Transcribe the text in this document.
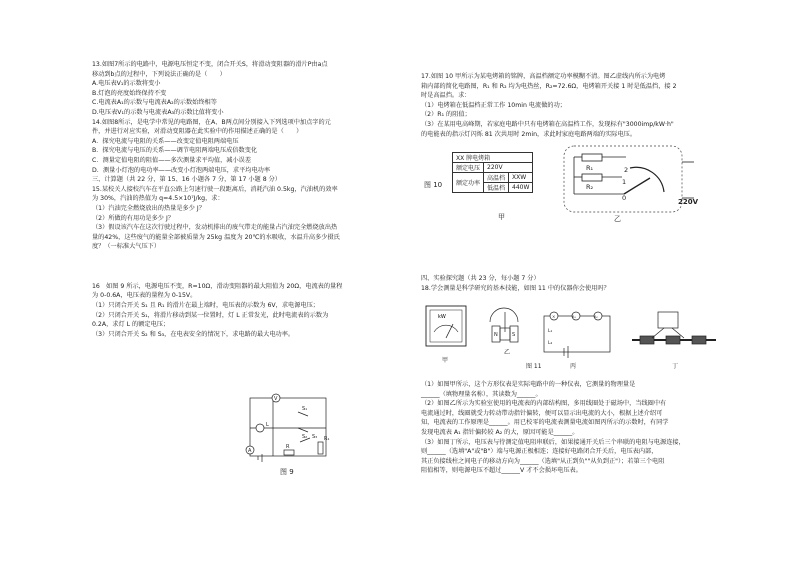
13.如图7所示的电路中，电源电压恒定不变，闭合开关S，将滑动变阻器的滑片P由a点

移动到b点的过程中，下列说法正确的是（　　）

A.电压表V₁的示数将变小

B.灯泡的亮度始终保持不变

C.电流表A₁的示数与电流表A₂的示数始终相等

D.电压表V₁的示数与电流表A₃的示数比值将变小

14.如图8所示，是电学中常见的电路图，在A、B两点间分别接入下列选项中加点字的元

件，并进行对应实验，对滑动变阻器在此实验中的作用描述正确的是（　　）

A．探究电流与电阻的关系——改变定值电阻两端电压

B．探究电流与电压的关系——调节电阻两端电压成倍数变化

C．测量定值电阻的阻值——多次测量求平均值，减小误差

D．测量小灯泡的电功率——改变小灯泡两端电压，求平均电功率

三、计算题（共 22 分，第 15、16 小题各 7 分，第 17 小题 8 分）

15.某校关人接校汽车在平直公路上匀速行驶一段距离后，消耗汽油 0.5kg，汽油机的效率

为 30%，汽油的热值为 q=4.5×10⁷J/kg，求：

（1）汽油完全燃烧放出的热量是多少 J？

（2）所做的有用功是多少 J？

（3）假设该汽车在这次行驶过程中，发动机排出的废气带走的能量占汽油完全燃烧放出热

量的42%，这些废气的能量全部被质量为 25kg 温度为 20℃的水吸收，水温升高多少摄氏

度？（一标准大气压下）

16　如图 9 所示，电源电压不变，R=10Ω，滑动变阻器的最大阻值为 20Ω，电流表的量程

为 0-0.6A，电压表的量程为 0-15V。

（1）只闭合开关 S₁ 且 R₁ 的滑片在最上端时，电压表的示数为 6V，求电源电压；

（2）只闭合开关 S₁，将滑片移动到某一位置时，灯 L 正常发光，此时电流表的示数为

0.2A，求灯 L 的额定电压；

（3）只闭合开关 S₂ 和 S₃，在电表安全的情况下，求电路的最大电功率。

V
A
S₁
S₂ S₃
R
R₁
L
图 9

17.如图 10 甲所示为某电烤箱的铭牌，高温档额定功率模糊不清。图乙虚线内所示为电烤

箱内部的简化电路图，R₁ 和 R₂ 均为电热丝，R₂=72.6Ω，电烤箱开关接 1 时是低温挡，接 2

时是高温挡。求：

（1）电烤箱在低温档正常工作 10min 电流做的功；

（2）R₁ 的阻值；

（3）在某用电高峰期，若家庭电路中只有电烤箱在高温档工作，发现标有"3000imp/kW·h"

的电能表的指示灯闪烁 81 次共用时 2min，求此时家庭电路两端的实际电压。

图 10
XX 牌电烤箱		
额定电压	220V	
额定功率	高温档	XXW
	低温档	440W
甲
R₁
R₂
2
1
0	220V
乙

四、实验探究题（共 23 分，每小题 7 分）

18.学会测量是科学研究的基本技能，如图 11 中的仪器你会使用吗？

kW
N	S
×	A₁	A₂
L₁
L₂
甲
乙
图 11	丙	丁

（1）如图甲所示，这个方形仪表是实际电路中的一种仪表，它测量的物理量是

______（填物理量名称），其读数为______。

（2）如图乙所示为实验室使用的电流表的内部结构图，多用线圈处于磁场中，当线圈中有

电流通过时，线圈就受力转动带动指针偏转，便可以显示出电流的大小，根据上述介绍可

知，电流表的工作原理是______。用已校零的电流表测量电流如图丙所示的示数时，有同学

发现电流表 A₁ 指针偏转较 A₂ 的大，原因可能是______。

（3）如图丁所示，电压表与待测定值电阻串联后，如果接通开关后三个串联的电阻与电源连接，

则______（选填"A"或"B"）端与电源正极相连；连接好电路闭合开关后，电压表内部，

其正负接线柱之间电子的移动方向为______（选填"从正到负""从负到正"）；若第三个电阻

阻值相等，则电源电压不超过______V 才不会损坏电压表。
